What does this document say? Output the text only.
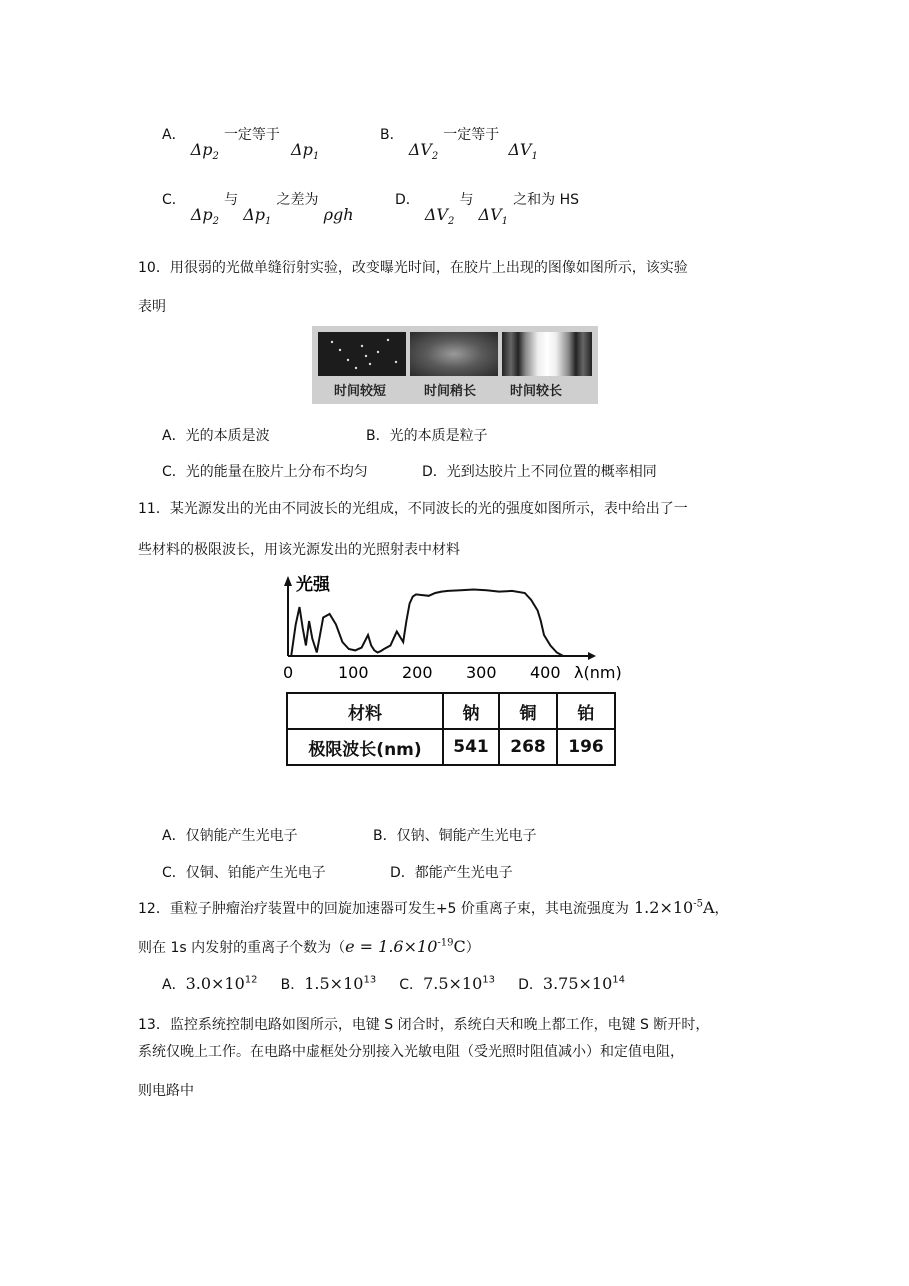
A． $\Delta p_2$ 一定等于 $\Delta p_1$
B． $\Delta V_2$ 一定等于 $\Delta V_1$
C． $\Delta p_2$ 与 $\Delta p_1$ 之差为 ρgh
D． $\Delta V_2$ 与 $\Delta V_1$ 之和为 HS
10．用很弱的光做单缝衍射实验，改变曝光时间，在胶片上出现的图像如图所示，该实验
表明
时间较短	时间稍长	时间较长
A．光的本质是波	B．光的本质是粒子
C．光的能量在胶片上分布不均匀	D．光到达胶片上不同位置的概率相同
11．某光源发出的光由不同波长的光组成，不同波长的光的强度如图所示，表中给出了一
些材料的极限波长，用该光源发出的光照射表中材料
光强
λ(nm)
0	100 200 300 400
材料	钠	铜	铂
极限波长(nm)	541	268	196
A．仅钠能产生光电子	B．仅钠、铜能产生光电子
C．仅铜、铂能产生光电子	D．都能产生光电子
12．重粒子肿瘤治疗装置中的回旋加速器可发生+5 价重离子束，其电流强度为 $1.2\times 10^{-5}A$，
则在 1s 内发射的重离子个数为$(e = 1.6\times 10^{-19}C)$
A．$3.0\times 10^{12}$ B．$1.5\times 10^{13}$ C．$7.5\times 10^{13}$ D．$3.75\times 10^{14}$
13．监控系统控制电路如图所示，电键 S 闭合时，系统白天和晚上都工作，电键 S 断开时，
系统仅晚上工作。在电路中虚框处分别接入光敏电阻（受光照时阻值减小）和定值电阻，
则电路中
